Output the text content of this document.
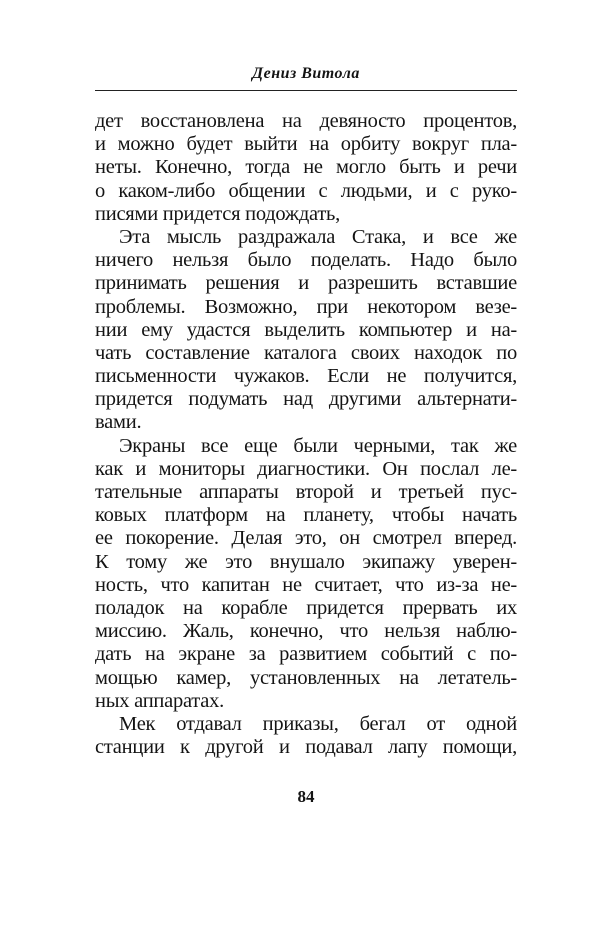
Дениз Витола
дет восстановлена на девяносто процентов,
и можно будет выйти на орбиту вокруг пла-
неты. Конечно, тогда не могло быть и речи
о каком-либо общении с людьми, и с руко-
писями придется подождать,
Эта мысль раздражала Стака, и все же
ничего нельзя было поделать. Надо было
принимать решения и разрешить вставшие
проблемы. Возможно, при некотором везе-
нии ему удастся выделить компьютер и на-
чать составление каталога своих находок по
письменности чужаков. Если не получится,
придется подумать над другими альтернати-
вами.
Экраны все еще были черными, так же
как и мониторы диагностики. Он послал ле-
тательные аппараты второй и третьей пус-
ковых платформ на планету, чтобы начать
ее покорение. Делая это, он смотрел вперед.
К тому же это внушало экипажу уверен-
ность, что капитан не считает, что из-за не-
поладок на корабле придется прервать их
миссию. Жаль, конечно, что нельзя наблю-
дать на экране за развитием событий с по-
мощью камер, установленных на летатель-
ных аппаратах.
Мек отдавал приказы, бегал от одной
станции к другой и подавал лапу помощи,
84
